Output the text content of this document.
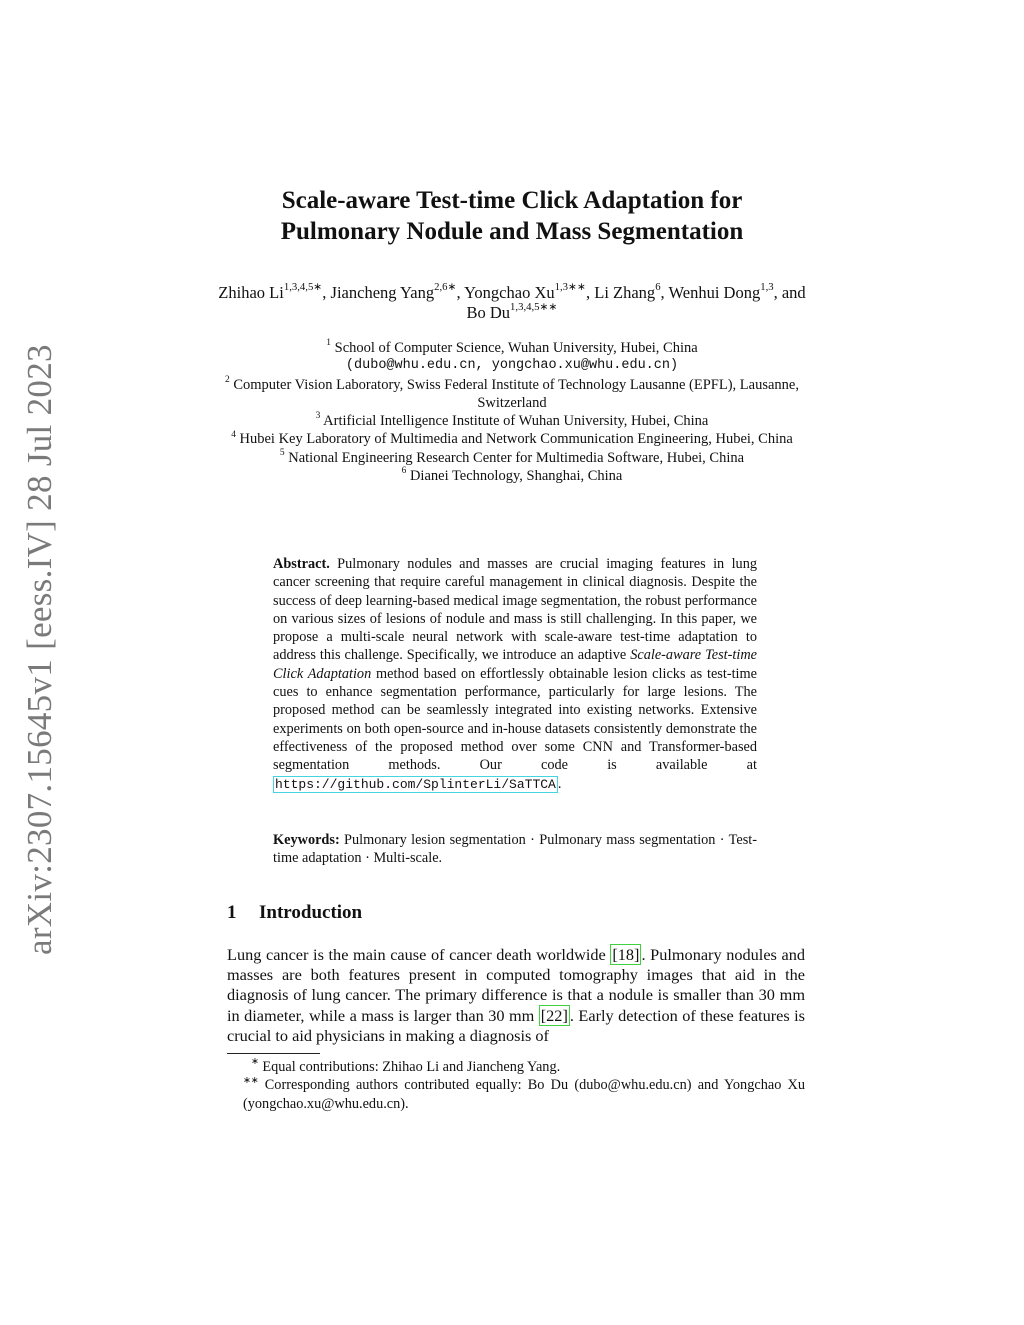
arXiv:2307.15645v1 [eess.IV] 28 Jul 2023
Scale-aware Test-time Click Adaptation for
Pulmonary Nodule and Mass Segmentation
Zhihao $Li^{1,3,4,5∗}$, Jiancheng Yang$^{2,6∗}$, Yongchao $Xu^{1,3∗∗}$, Li Zhang$^6$, Wenhui Dong$^{1,3}$, and Bo $Du^{1,3,4,5∗∗}$
$^1$ School of Computer Science, Wuhan University, Hubei, China
(dubo@whu.edu.cn, yongchao.xu@whu.edu.cn)
$^2$ Computer Vision Laboratory, Swiss Federal Institute of Technology Lausanne (EPFL), Lausanne, Switzerland
$^3$ Artificial Intelligence Institute of Wuhan University, Hubei, China
$^4$ Hubei Key Laboratory of Multimedia and Network Communication Engineering, Hubei, China
$^5$ National Engineering Research Center for Multimedia Software, Hubei, China
$^6$ Dianei Technology, Shanghai, China
Abstract. Pulmonary nodules and masses are crucial imaging features in lung cancer screening that require careful management in clinical diagnosis. Despite the success of deep learning-based medical image segmentation, the robust performance on various sizes of lesions of nodule and mass is still challenging. In this paper, we propose a multi-scale neural network with scale-aware test-time adaptation to address this challenge. Specifically, we introduce an adaptive Scale-aware Test-time Click Adaptation method based on effortlessly obtainable lesion clicks as test-time cues to enhance segmentation performance, particularly for large lesions. The proposed method can be seamlessly integrated into existing networks. Extensive experiments on both open-source and in-house datasets consistently demonstrate the effectiveness of the proposed method over some CNN and Transformer-based segmentation methods. Our code is available at https://github.com/SplinterLi/SaTTCA .
Keywords: Pulmonary lesion segmentation · Pulmonary mass segmentation · Test-time adaptation · Multi-scale.
1 Introduction
Lung cancer is the main cause of cancer death worldwide [18] . Pulmonary nodules and masses are both features present in computed tomography images that aid in the diagnosis of lung cancer. The primary difference is that a nodule is smaller than 30 mm in diameter, while a mass is larger than 30 mm [22] . Early detection of these features is crucial to aid physicians in making a diagnosis of
∗ Equal contributions: Zhihao Li and Jiancheng Yang.
∗∗ Corresponding authors contributed equally: Bo Du (dubo@whu.edu.cn) and Yongchao Xu (yongchao.xu@whu.edu.cn).
